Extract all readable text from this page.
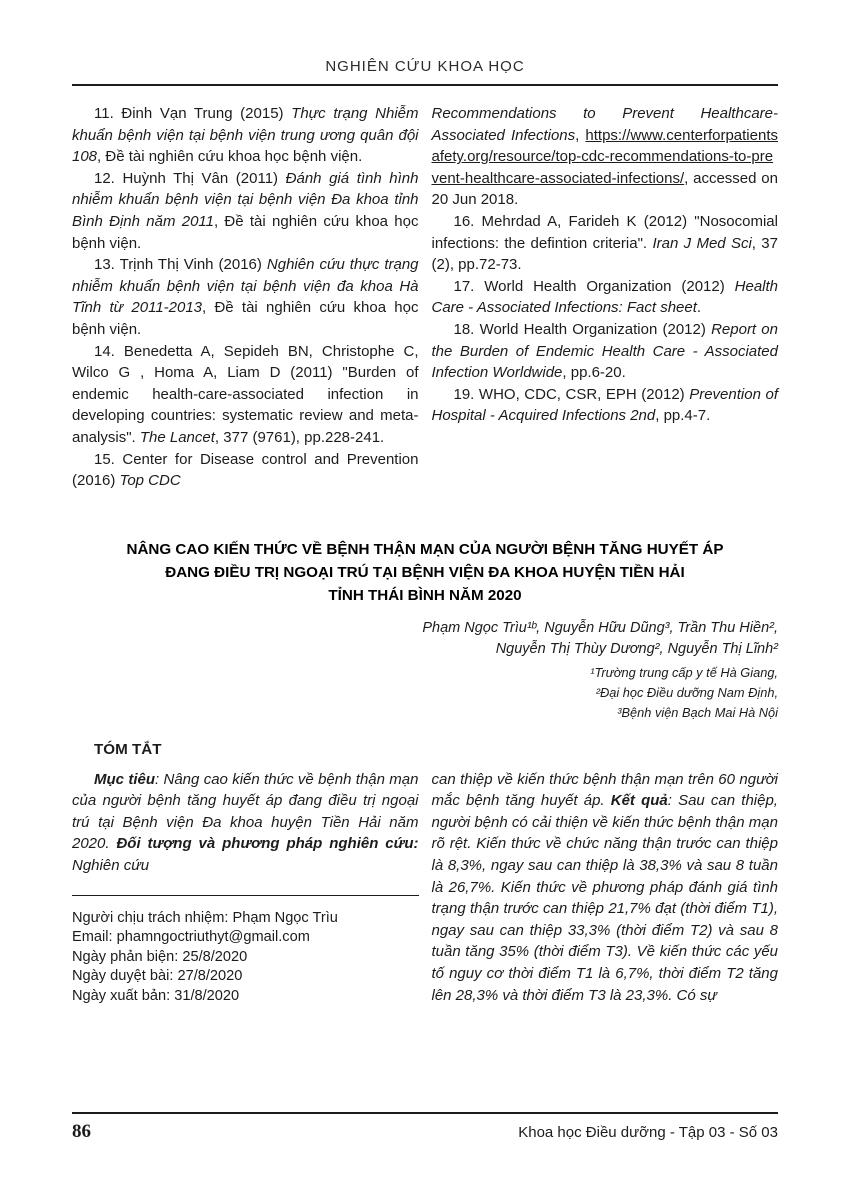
NGHIÊN CỨU KHOA HỌC

11. Đinh Vạn Trung (2015) Thực trạng Nhiễm khuẩn bệnh viện tại bệnh viện trung ương quân đội 108, Đề tài nghiên cứu khoa học bệnh viện.

12. Huỳnh Thị Vân (2011) Đánh giá tình hình nhiễm khuẩn bệnh viện tại bệnh viện Đa khoa tỉnh Bình Định năm 2011, Đề tài nghiên cứu khoa học bệnh viện.

13. Trịnh Thị Vinh (2016) Nghiên cứu thực trạng nhiễm khuẩn bệnh viện tại bệnh viện đa khoa Hà Tĩnh từ 2011-2013, Đề tài nghiên cứu khoa học bệnh viện.

14. Benedetta A, Sepideh BN, Christophe C, Wilco G , Homa A, Liam D (2011) "Burden of endemic health-care-associated infection in developing countries: systematic review and meta-analysis". The Lancet, 377 (9761), pp.228-241.

15. Center for Disease control and Prevention (2016) Top CDC

Recommendations to Prevent Healthcare-Associated Infections, https://www.centerforpatientsafety.org/resource/top-cdc-recommendations-to-prevent-healthcare-associated-infections/, accessed on 20 Jun 2018.

16. Mehrdad A, Farideh K (2012) "Nosocomial infections: the defintion criteria". Iran J Med Sci, 37 (2), pp.72-73.

17. World Health Organization (2012) Health Care - Associated Infections: Fact sheet.

18. World Health Organization (2012) Report on the Burden of Endemic Health Care - Associated Infection Worldwide, pp.6-20.

19. WHO, CDC, CSR, EPH (2012) Prevention of Hospital - Acquired Infections 2nd, pp.4-7.

NÂNG CAO KIẾN THỨC VỀ BỆNH THẬN MẠN CỦA NGƯỜI BỆNH TĂNG HUYẾT ÁP
ĐANG ĐIỀU TRỊ NGOẠI TRÚ TẠI BỆNH VIỆN ĐA KHOA HUYỆN TIỀN HẢI
TỈNH THÁI BÌNH NĂM 2020
Phạm Ngọc Trìu¹ᵇ, Nguyễn Hữu Dũng³, Trần Thu Hiền²,
Nguyễn Thị Thùy Dương², Nguyễn Thị Lĩnh²
¹Trường trung cấp y tế Hà Giang,
²Đại học Điều dưỡng Nam Định,
³Bệnh viện Bạch Mai Hà Nội
TÓM TẮT

Mục tiêu: Nâng cao kiến thức về bệnh thận mạn của người bệnh tăng huyết áp đang điều trị ngoại trú tại Bệnh viện Đa khoa huyện Tiền Hải năm 2020. Đối tượng và phương pháp nghiên cứu: Nghiên cứu

Người chịu trách nhiệm: Phạm Ngọc Trìu
Email: phamngoctriuthyt@gmail.com
Ngày phản biện: 25/8/2020
Ngày duyệt bài: 27/8/2020
Ngày xuất bản: 31/8/2020

can thiệp về kiến thức bệnh thận mạn trên 60 người mắc bệnh tăng huyết áp. Kết quả: Sau can thiệp, người bệnh có cải thiện về kiến thức bệnh thận mạn rõ rệt. Kiến thức về chức năng thận trước can thiệp là 8,3%, ngay sau can thiệp là 38,3% và sau 8 tuần là 26,7%. Kiến thức về phương pháp đánh giá tình trạng thận trước can thiệp 21,7% đạt (thời điểm T1), ngay sau can thiệp 33,3% (thời điểm T2) và sau 8 tuần tăng 35% (thời điểm T3). Về kiến thức các yếu tố nguy cơ thời điểm T1 là 6,7%, thời điểm T2 tăng lên 28,3% và thời điểm T3 là 23,3%. Có sự

86	Khoa học Điều dưỡng - Tập 03 - Số 03
